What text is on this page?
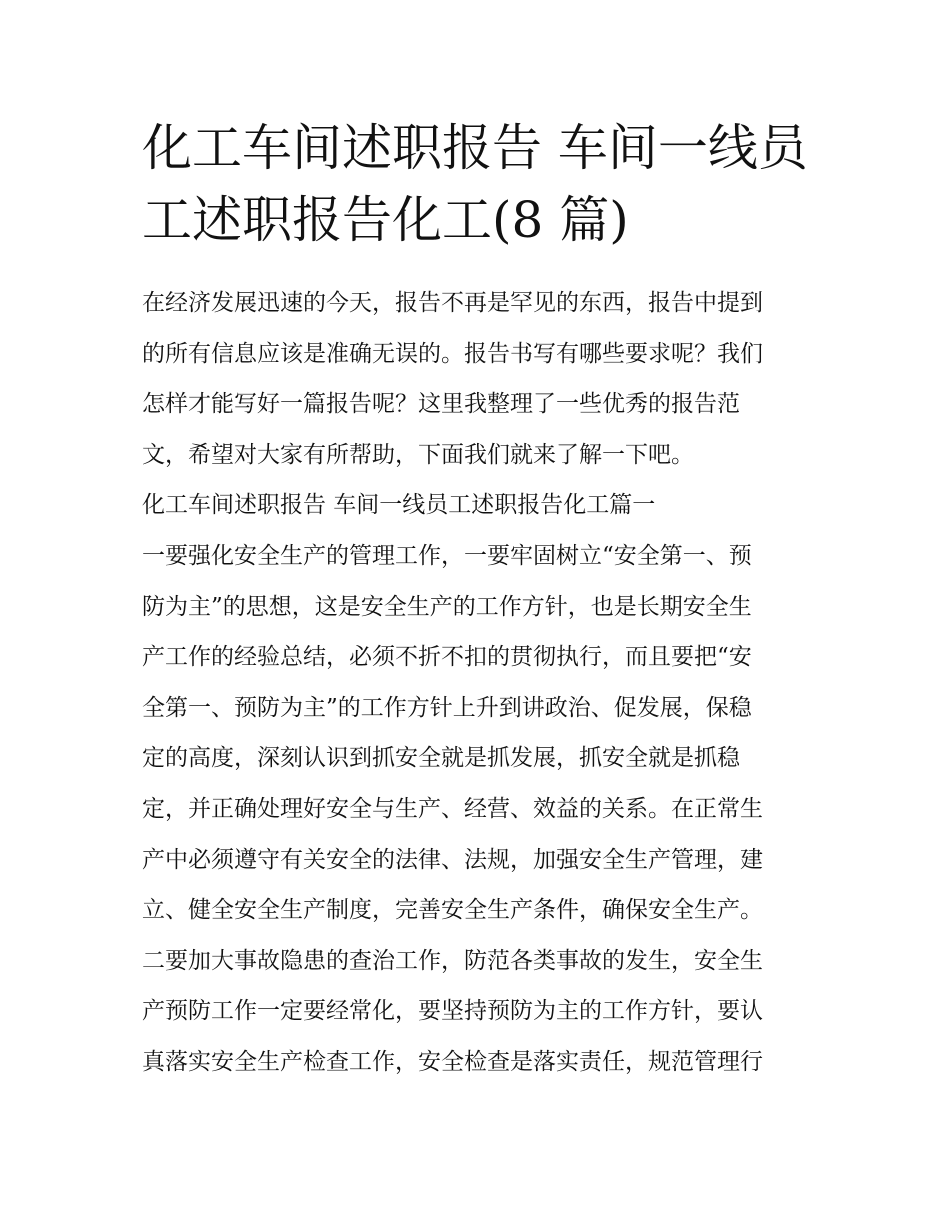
化工车间述职报告 车间一线员
工述职报告化工(8 篇)
在经济发展迅速的今天，报告不再是罕见的东西，报告中提到
的所有信息应该是准确无误的。报告书写有哪些要求呢？我们
怎样才能写好一篇报告呢？这里我整理了一些优秀的报告范
文，希望对大家有所帮助，下面我们就来了解一下吧。
化工车间述职报告 车间一线员工述职报告化工篇一
一要强化安全生产的管理工作，一要牢固树立“安全第一、预
防为主”的思想，这是安全生产的工作方针，也是长期安全生
产工作的经验总结，必须不折不扣的贯彻执行，而且要把“安
全第一、预防为主”的工作方针上升到讲政治、促发展，保稳
定的高度，深刻认识到抓安全就是抓发展，抓安全就是抓稳
定，并正确处理好安全与生产、经营、效益的关系。在正常生
产中必须遵守有关安全的法律、法规，加强安全生产管理，建
立、健全安全生产制度，完善安全生产条件，确保安全生产。
二要加大事故隐患的查治工作，防范各类事故的发生，安全生
产预防工作一定要经常化，要坚持预防为主的工作方针，要认
真落实安全生产检查工作，安全检查是落实责任，规范管理行
